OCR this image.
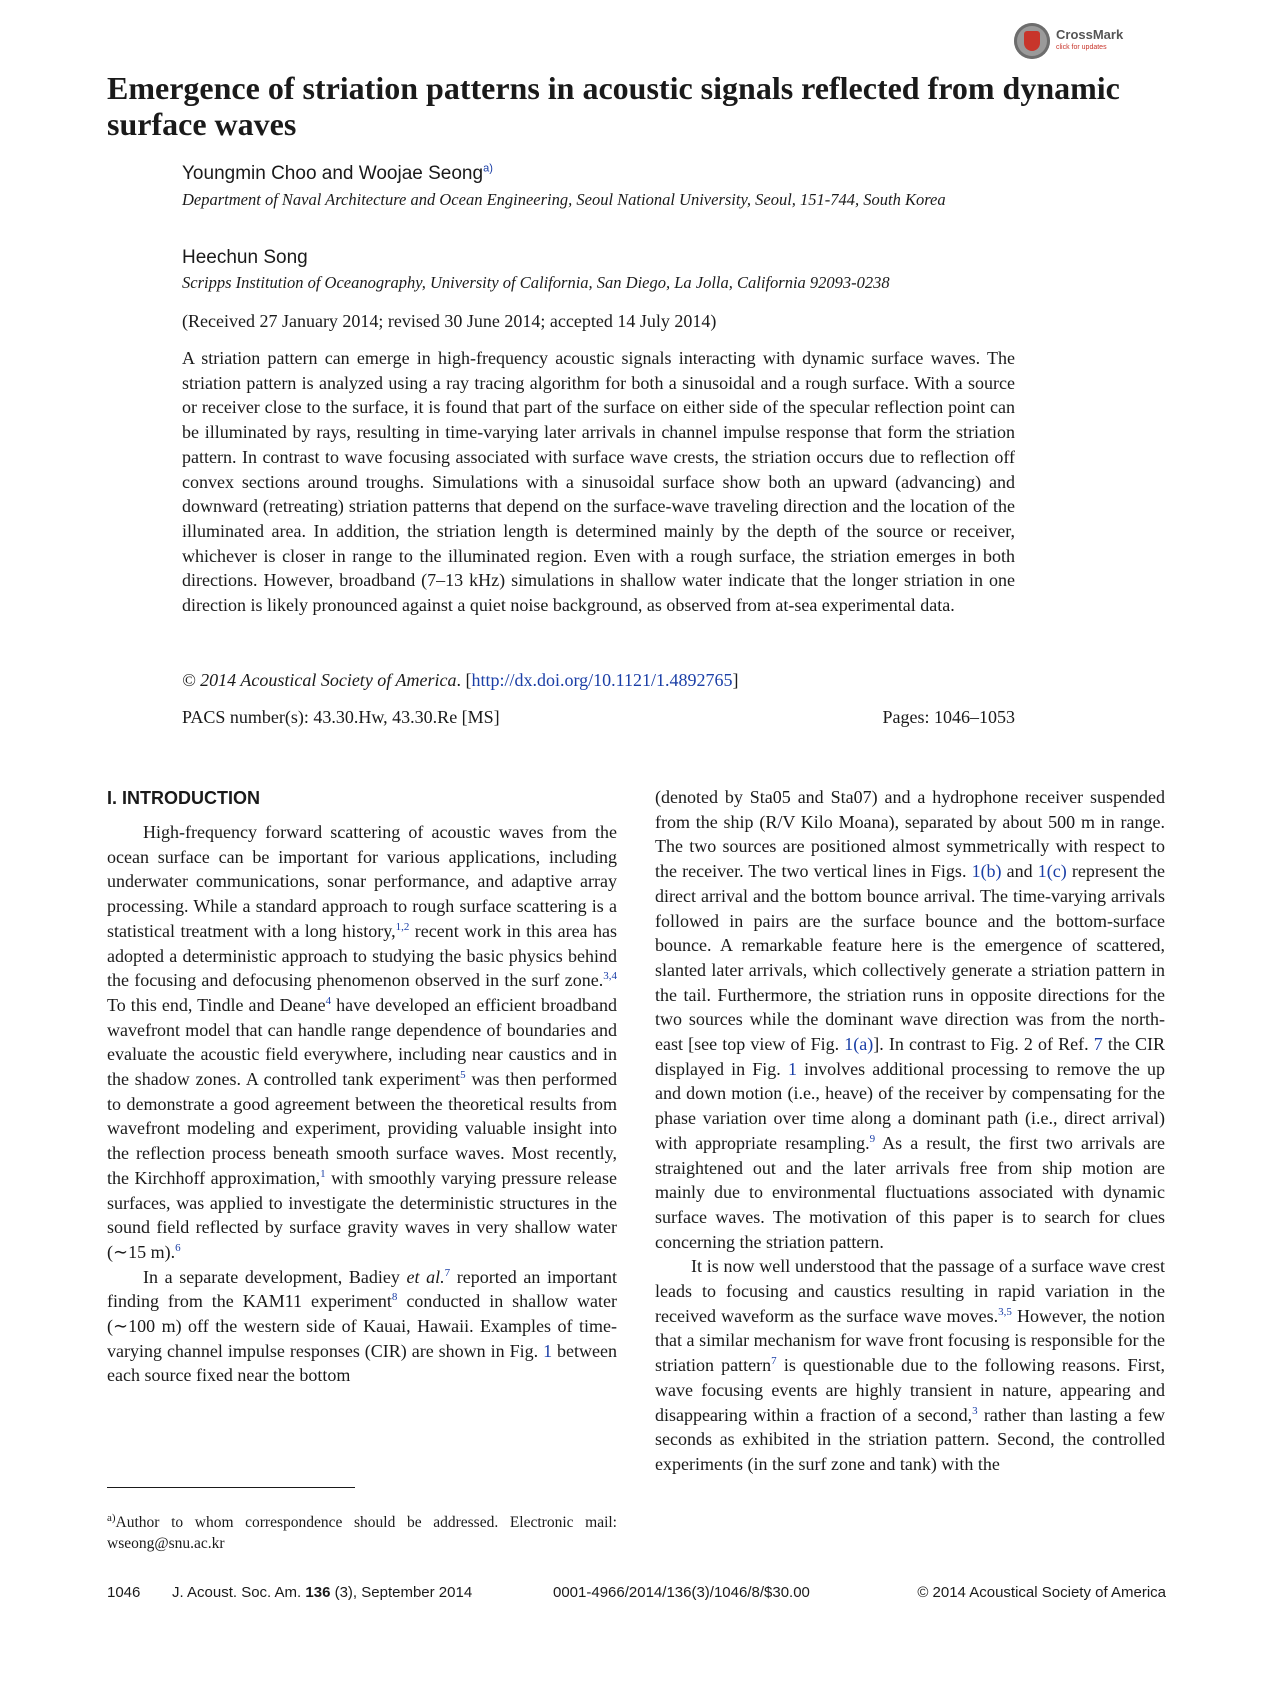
CrossMark
click for updates
Emergence of striation patterns in acoustic signals reflected from dynamic surface waves
Youngmin Choo and Woojae Seong$^{a)}$
Department of Naval Architecture and Ocean Engineering, Seoul National University, Seoul, 151-744, South Korea
Heechun Song
Scripps Institution of Oceanography, University of California, San Diego, La Jolla, California 92093-0238
(Received 27 January 2014; revised 30 June 2014; accepted 14 July 2014)

A striation pattern can emerge in high-frequency acoustic signals interacting with dynamic surface waves. The striation pattern is analyzed using a ray tracing algorithm for both a sinusoidal and a rough surface. With a source or receiver close to the surface, it is found that part of the surface on either side of the specular reflection point can be illuminated by rays, resulting in time-varying later arrivals in channel impulse response that form the striation pattern. In contrast to wave focusing associated with surface wave crests, the striation occurs due to reflection off convex sections around troughs. Simulations with a sinusoidal surface show both an upward (advancing) and downward (retreating) striation patterns that depend on the surface-wave traveling direction and the location of the illuminated area. In addition, the striation length is determined mainly by the depth of the source or receiver, whichever is closer in range to the illuminated region. Even with a rough surface, the striation emerges in both directions. However, broadband (7–13 kHz) simulations in shallow water indicate that the longer striation in one direction is likely pronounced against a quiet noise background, as observed from at-sea experimental data.

© 2014 Acoustical Society of America. [http://dx.doi.org/10.1121/1.4892765]
PACS number(s): 43.30.Hw, 43.30.Re [MS]	Pages: 1046–1053
I. INTRODUCTION

High-frequency forward scattering of acoustic waves from the ocean surface can be important for various applications, including underwater communications, sonar performance, and adaptive array processing. While a standard approach to rough surface scattering is a statistical treatment with a long history,$^{1,2}$ recent work in this area has adopted a deterministic approach to studying the basic physics behind the focusing and defocusing phenomenon observed in the surf zone.$^{3,4}$ To this end, Tindle and Deane$^4$ have developed an efficient broadband wavefront model that can handle range dependence of boundaries and evaluate the acoustic field everywhere, including near caustics and in the shadow zones. A controlled tank experiment$^5$ was then performed to demonstrate a good agreement between the theoretical results from wavefront modeling and experiment, providing valuable insight into the reflection process beneath smooth surface waves. Most recently, the Kirchhoff approximation,$^1$ with smoothly varying pressure release surfaces, was applied to investigate the deterministic structures in the sound field reflected by surface gravity waves in very shallow water (∼15 m).$^6$

In a separate development, Badiey et al.$^7$ reported an important finding from the KAM11 experiment$^8$ conducted in shallow water (∼100 m) off the western side of Kauai, Hawaii. Examples of time-varying channel impulse responses (CIR) are shown in Fig. 1 between each source fixed near the bottom

(denoted by Sta05 and Sta07) and a hydrophone receiver suspended from the ship (R/V Kilo Moana), separated by about 500 m in range. The two sources are positioned almost symmetrically with respect to the receiver. The two vertical lines in Figs. 1(b) and 1(c) represent the direct arrival and the bottom bounce arrival. The time-varying arrivals followed in pairs are the surface bounce and the bottom-surface bounce. A remarkable feature here is the emergence of scattered, slanted later arrivals, which collectively generate a striation pattern in the tail. Furthermore, the striation runs in opposite directions for the two sources while the dominant wave direction was from the north-east [see top view of Fig. 1(a)]. In contrast to Fig. 2 of Ref. 7 the CIR displayed in Fig. 1 involves additional processing to remove the up and down motion (i.e., heave) of the receiver by compensating for the phase variation over time along a dominant path (i.e., direct arrival) with appropriate resampling.$^9$ As a result, the first two arrivals are straightened out and the later arrivals free from ship motion are mainly due to environmental fluctuations associated with dynamic surface waves. The motivation of this paper is to search for clues concerning the striation pattern.

It is now well understood that the passage of a surface wave crest leads to focusing and caustics resulting in rapid variation in the received waveform as the surface wave moves.$^{3,5}$ However, the notion that a similar mechanism for wave front focusing is responsible for the striation pattern$^7$ is questionable due to the following reasons. First, wave focusing events are highly transient in nature, appearing and disappearing within a fraction of a second,$^3$ rather than lasting a few seconds as exhibited in the striation pattern. Second, the controlled experiments (in the surf zone and tank) with the

$^{a)}$Author to whom correspondence should be addressed. Electronic mail: wseong@snu.ac.kr
1046 J. Acoust. Soc. Am. 136 (3), September 2014	0001-4966/2014/136(3)/1046/8/$30.00	© 2014 Acoustical Society of America
